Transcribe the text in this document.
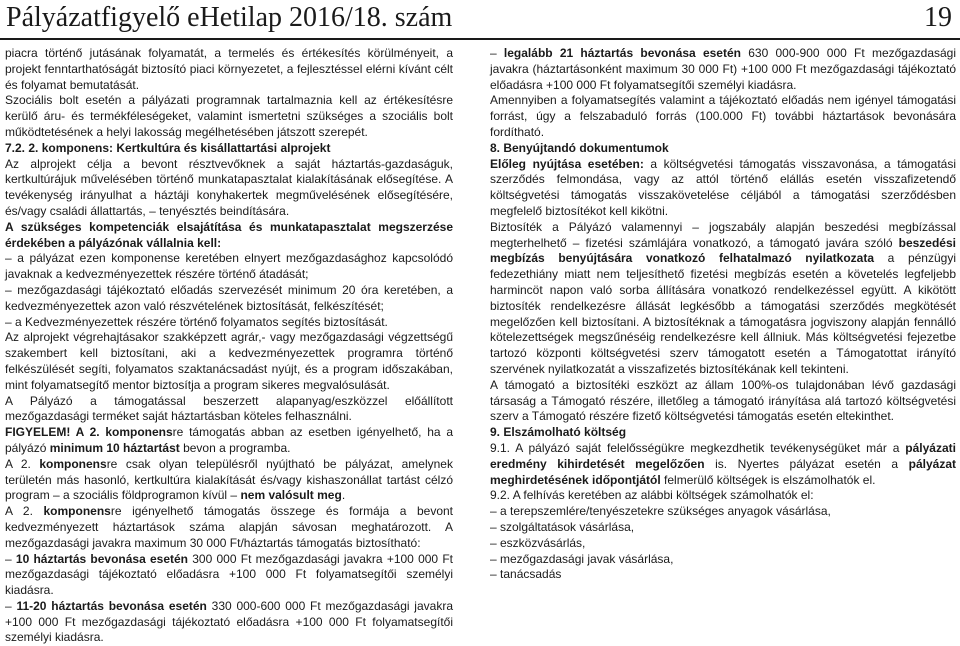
Pályázatfigyelő eHetilap 2016/18. szám	19

piacra történő jutásának folyamatát, a termelés és értékesítés körülményeit, a projekt fenntarthatóságát biztosító piaci környezetet, a fejlesztéssel elérni kívánt célt és folyamat bemutatását.

Szociális bolt esetén a pályázati programnak tartalmaznia kell az értékesítésre kerülő áru- és termékféleségeket, valamint ismertetni szükséges a szociális bolt működtetésének a helyi lakosság megélhetésében játszott szerepét.

7.2. 2. komponens: Kertkultúra és kisállattartási alprojekt

Az alprojekt célja a bevont résztvevőknek a saját háztartás-gazdaságuk, kertkultúrájuk művelésében történő munkatapasztalat kialakításának elősegítése. A tevékenység irányulhat a háztáji konyhakertek megművelésének elősegítésére, és/vagy családi állattartás, – tenyésztés beindítására.

A szükséges kompetenciák elsajátítása és munkatapasztalat megszerzése érdekében a pályázónak vállalnia kell:

– a pályázat ezen komponense keretében elnyert mezőgazdasághoz kapcsolódó javaknak a kedvezményezettek részére történő átadását;

– mezőgazdasági tájékoztató előadás szervezését minimum 20 óra keretében, a kedvezményezettek azon való részvételének biztosítását, felkészítését;

– a Kedvezményezettek részére történő folyamatos segítés biztosítását.

Az alprojekt végrehajtásakor szakképzett agrár,- vagy mezőgazdasági végzettségű szakembert kell biztosítani, aki a kedvezményezettek programra történő felkészülését segíti, folyamatos szaktanácsadást nyújt, és a program időszakában, mint folyamatsegítő mentor biztosítja a program sikeres megvalósulását.

A Pályázó a támogatással beszerzett alapanyag/eszközzel előállított mezőgazdasági terméket saját háztartásban köteles felhasználni.

FIGYELEM! A 2. komponensre támogatás abban az esetben igényelhető, ha a pályázó minimum 10 háztartást bevon a programba.

A 2. komponensre csak olyan településről nyújtható be pályázat, amelynek területén más hasonló, kertkultúra kialakítását és/vagy kishaszonállat tartást célzó program – a szociális földprogramon kívül – nem valósult meg.

A 2. komponensre igényelhető támogatás összege és formája a bevont kedvezményezett háztartások száma alapján sávosan meghatározott. A mezőgazdasági javakra maximum 30 000 Ft/háztartás támogatás biztosítható:

– 10 háztartás bevonása esetén 300 000 Ft mezőgazdasági javakra +100 000 Ft mezőgazdasági tájékoztató előadásra +100 000 Ft folyamatsegítői személyi kiadásra.

– 11-20 háztartás bevonása esetén 330 000-600 000 Ft mezőgazdasági javakra +100 000 Ft mezőgazdasági tájékoztató előadásra +100 000 Ft folyamatsegítői személyi kiadásra.

– legalább 21 háztartás bevonása esetén 630 000-900 000 Ft mezőgazdasági javakra (háztartásonként maximum 30 000 Ft) +100 000 Ft mezőgazdasági tájékoztató előadásra +100 000 Ft folyamatsegítői személyi kiadásra.

Amennyiben a folyamatsegítés valamint a tájékoztató előadás nem igényel támogatási forrást, úgy a felszabaduló forrás (100.000 Ft) további háztartások bevonására fordítható.

8. Benyújtandó dokumentumok

Előleg nyújtása esetében: a költségvetési támogatás visszavonása, a támogatási szerződés felmondása, vagy az attól történő elállás esetén visszafizetendő költségvetési támogatás visszakövetelése céljából a támogatási szerződésben megfelelő biztosítékot kell kikötni.

Biztosíték a Pályázó valamennyi – jogszabály alapján beszedési megbízással megterhelhető – fizetési számlájára vonatkozó, a támogató javára szóló beszedési megbízás benyújtására vonatkozó felhatalmazó nyilatkozata a pénzügyi fedezethiány miatt nem teljesíthető fizetési megbízás esetén a követelés legfeljebb harmincöt napon való sorba állítására vonatkozó rendelkezéssel együtt. A kikötött biztosíték rendelkezésre állását legkésőbb a támogatási szerződés megkötését megelőzően kell biztosítani. A biztosítéknak a támogatásra jogviszony alapján fennálló kötelezettségek megszűnéséig rendelkezésre kell állniuk. Más költségvetési fejezetbe tartozó központi költségvetési szerv támogatott esetén a Támogatottat irányító szervének nyilatkozatát a visszafizetés biztosítékának kell tekinteni.

A támogató a biztosítéki eszközt az állam 100%-os tulajdonában lévő gazdasági társaság a Támogató részére, illetőleg a támogató irányítása alá tartozó költségvetési szerv a Támogató részére fizető költségvetési támogatás esetén eltekinthet.

9. Elszámolható költség

9.1. A pályázó saját felelősségükre megkezdhetik tevékenységüket már a pályázati eredmény kihirdetését megelőzően is. Nyertes pályázat esetén a pályázat meghirdetésének időpontjától felmerülő költségek is elszámolhatók el.

9.2. A felhívás keretében az alábbi költségek számolhatók el:

– a terepszemlére/tenyészetekre szükséges anyagok vásárlása,

– szolgáltatások vásárlása,

– eszközvásárlás,

– mezőgazdasági javak vásárlása,

– tanácsadás
